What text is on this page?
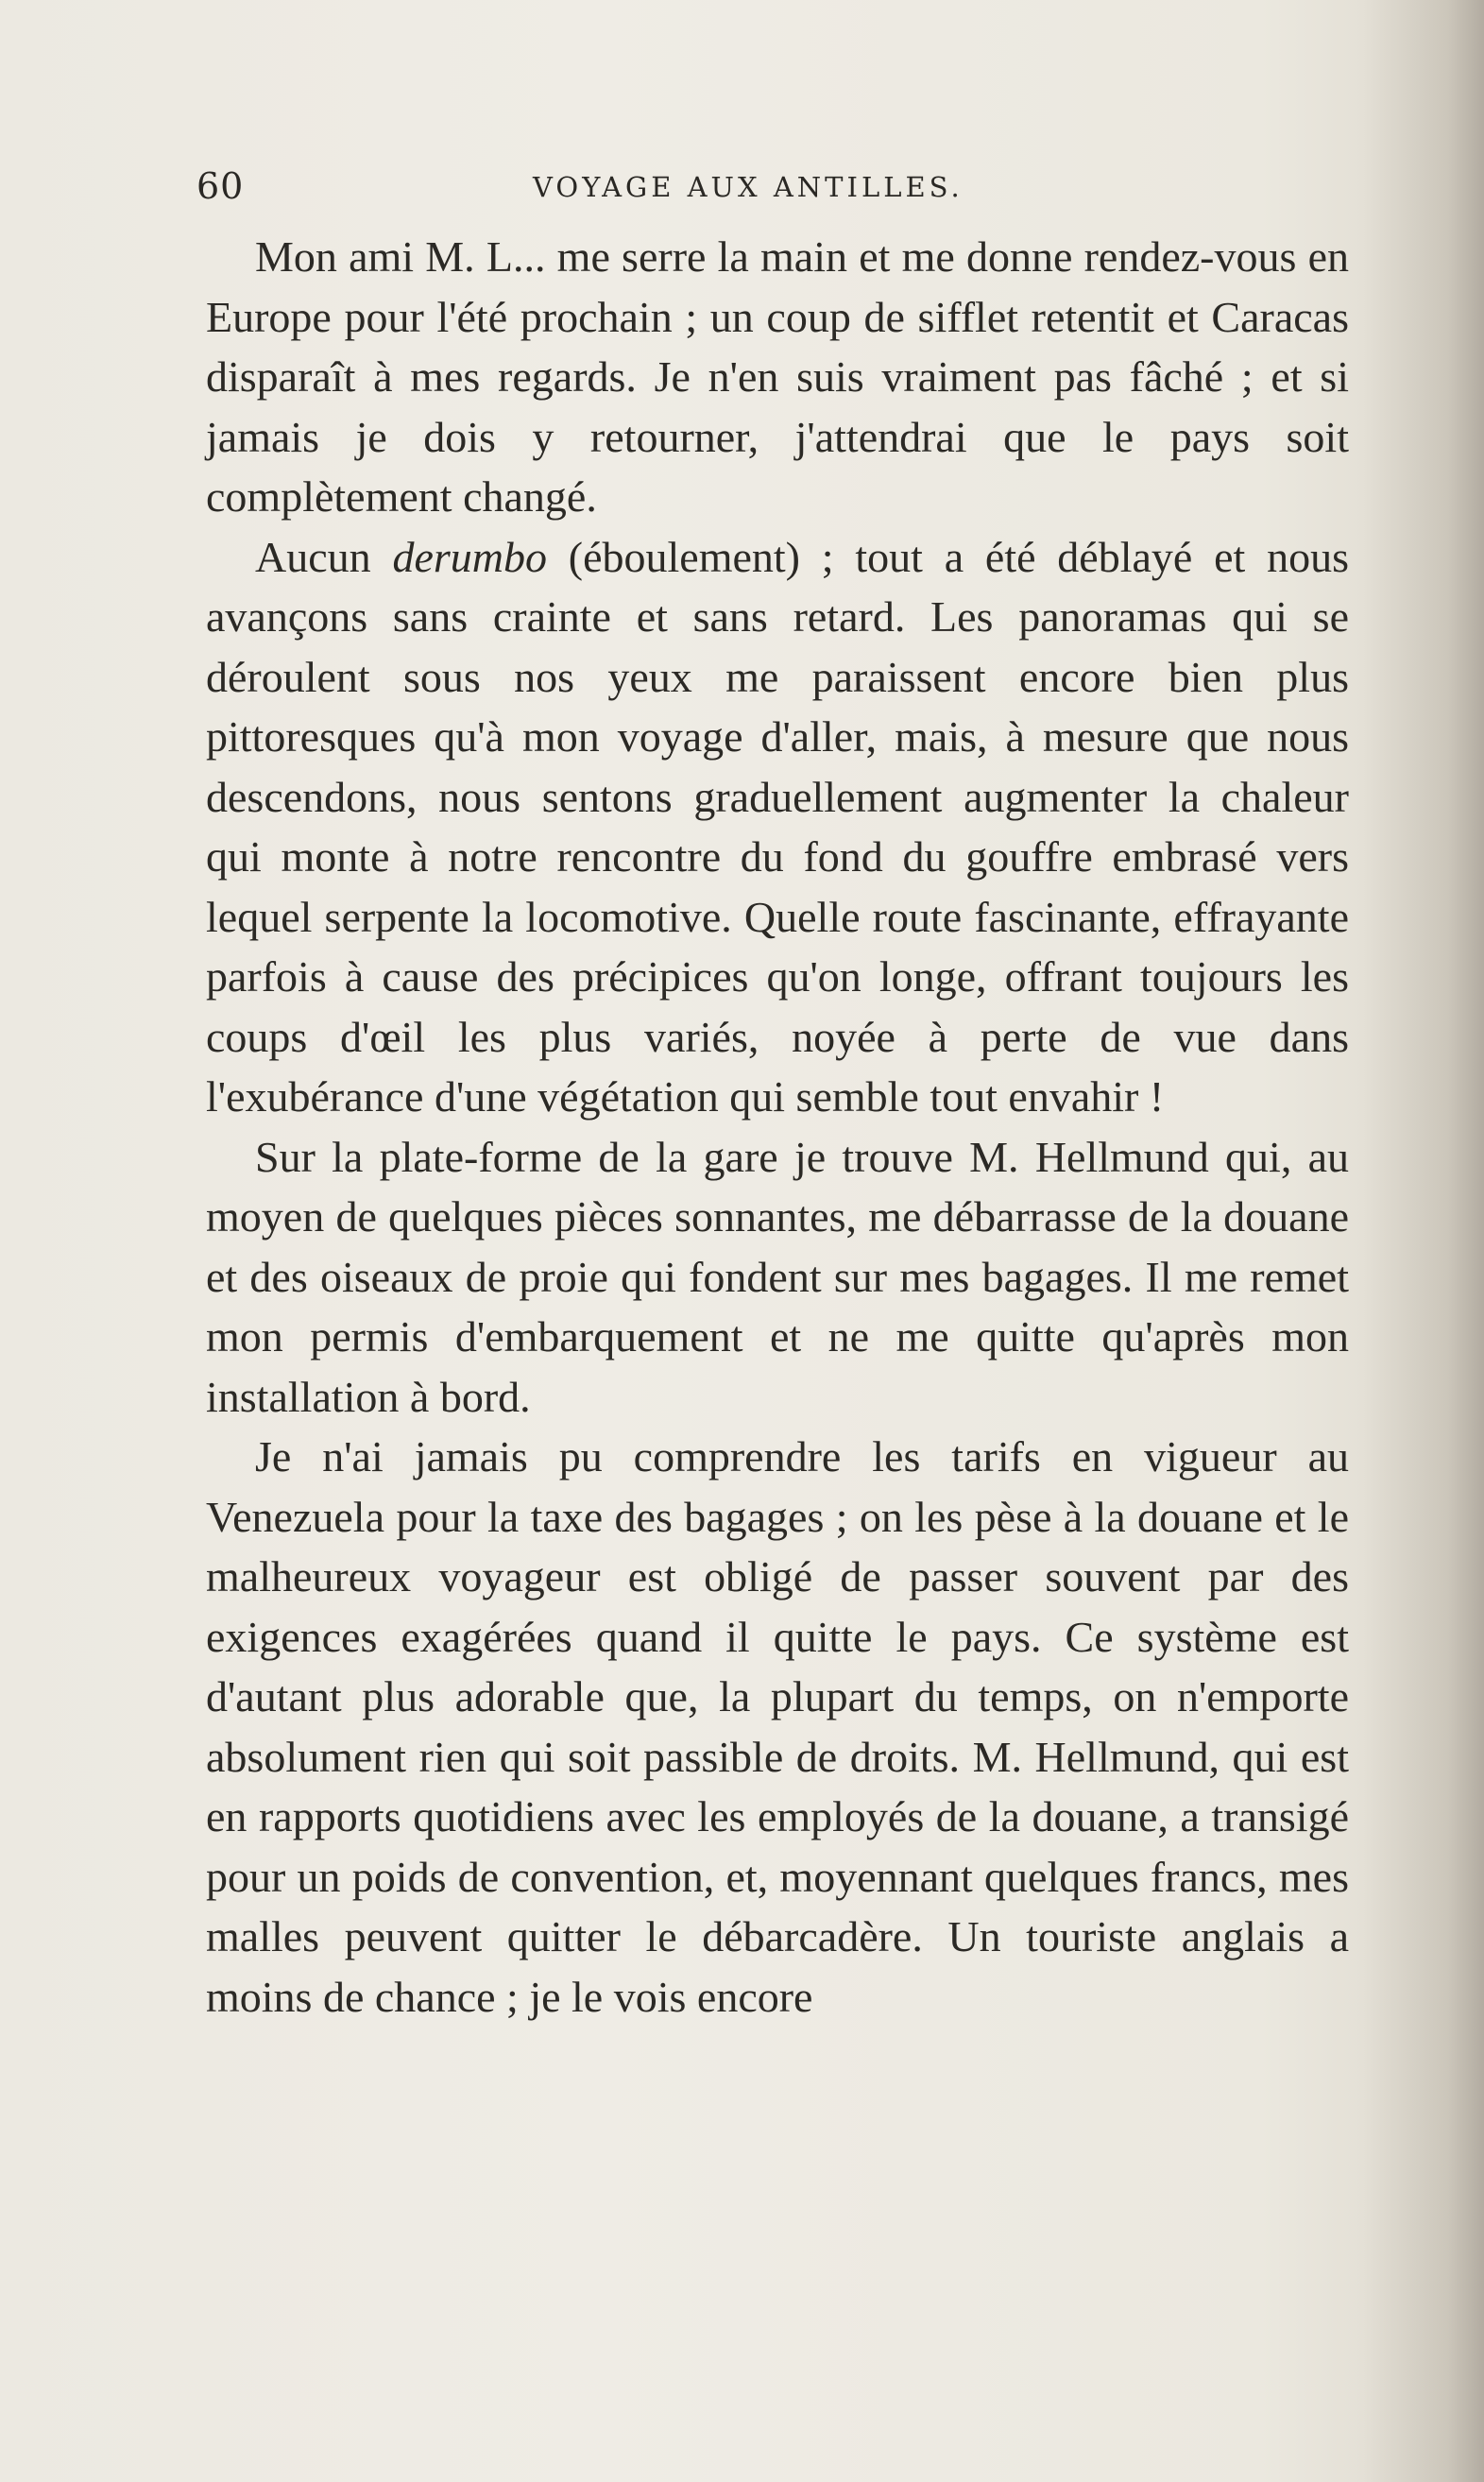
60	VOYAGE AUX ANTILLES.

Mon ami M. L... me serre la main et me donne rendez-vous en Europe pour l'été prochain ; un coup de sifflet retentit et Caracas disparaît à mes regards. Je n'en suis vraiment pas fâché ; et si jamais je dois y retourner, j'attendrai que le pays soit complètement changé.

Aucun derumbo (éboulement) ; tout a été déblayé et nous avançons sans crainte et sans retard. Les panoramas qui se déroulent sous nos yeux me paraissent encore bien plus pittoresques qu'à mon voyage d'aller, mais, à mesure que nous descendons, nous sentons graduellement augmenter la chaleur qui monte à notre rencontre du fond du gouffre embrasé vers lequel serpente la locomotive. Quelle route fascinante, effrayante parfois à cause des précipices qu'on longe, offrant toujours les coups d'œil les plus variés, noyée à perte de vue dans l'exubérance d'une végétation qui semble tout envahir !

Sur la plate-forme de la gare je trouve M. Hellmund qui, au moyen de quelques pièces sonnantes, me débarrasse de la douane et des oiseaux de proie qui fondent sur mes bagages. Il me remet mon permis d'embarquement et ne me quitte qu'après mon installation à bord.

Je n'ai jamais pu comprendre les tarifs en vigueur au Venezuela pour la taxe des bagages ; on les pèse à la douane et le malheureux voyageur est obligé de passer souvent par des exigences exagérées quand il quitte le pays. Ce système est d'autant plus adorable que, la plupart du temps, on n'emporte absolument rien qui soit passible de droits. M. Hellmund, qui est en rapports quotidiens avec les employés de la douane, a transigé pour un poids de convention, et, moyennant quelques francs, mes malles peuvent quitter le débarcadère. Un touriste anglais a moins de chance ; je le vois encore
